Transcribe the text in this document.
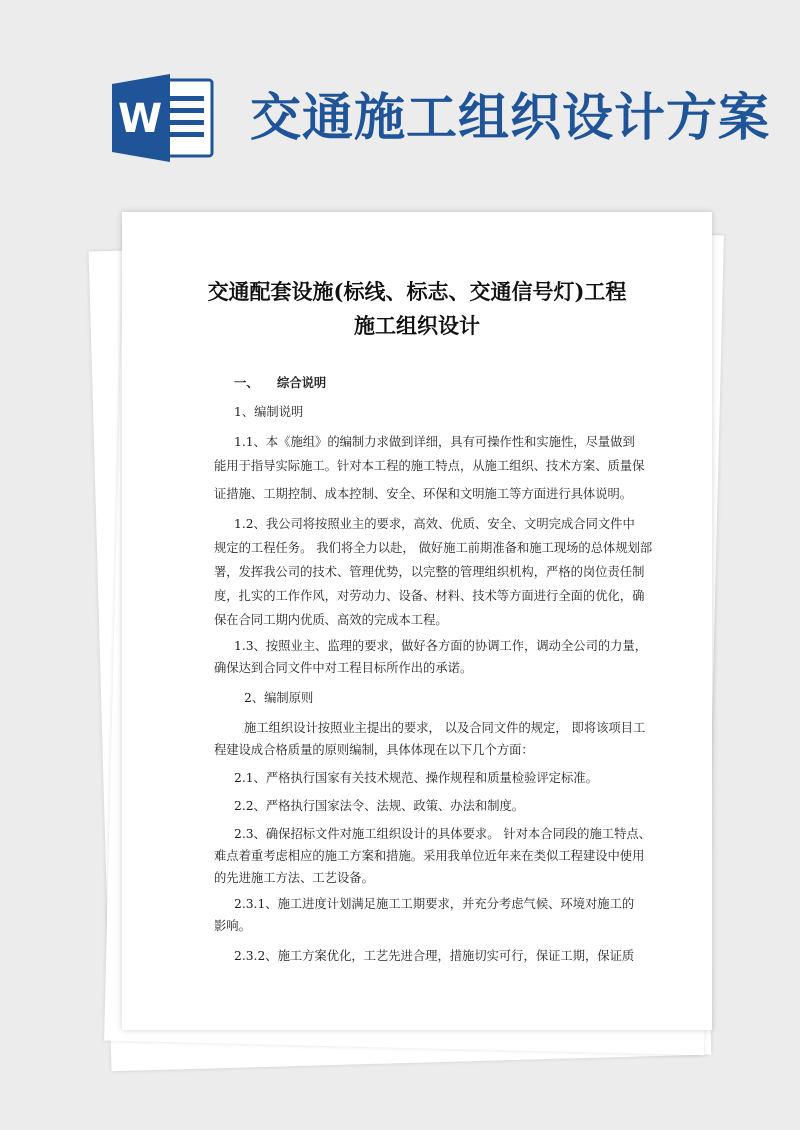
W 交通施工组织设计方案
交通配套设施(标线、标志、交通信号灯)工程
施工组织设计
一、　　综合说明
1、编制说明
1.1、本《施组》的编制力求做到详细，具有可操作性和实施性，尽量做到
能用于指导实际施工。针对本工程的施工特点，从施工组织、技术方案、质量保
证措施、工期控制、成本控制、安全、环保和文明施工等方面进行具体说明。
1.2、我公司将按照业主的要求，高效、优质、安全、文明完成合同文件中
规定的工程任务。 我们将全力以赴， 做好施工前期准备和施工现场的总体规划部
署，发挥我公司的技术、管理优势，以完整的管理组织机构，严格的岗位责任制
度，扎实的工作作风，对劳动力、设备、材料、技术等方面进行全面的优化，确
保在合同工期内优质、高效的完成本工程。
1.3、按照业主、监理的要求，做好各方面的协调工作，调动全公司的力量，
确保达到合同文件中对工程目标所作出的承诺。
2、编制原则
施工组织设计按照业主提出的要求， 以及合同文件的规定， 即将该项目工
程建设成合格质量的原则编制，具体体现在以下几个方面：
2.1、严格执行国家有关技术规范、操作规程和质量检验评定标准。
2.2、严格执行国家法令、法规、政策、办法和制度。
2.3、确保招标文件对施工组织设计的具体要求。 针对本合同段的施工特点、
难点着重考虑相应的施工方案和措施。采用我单位近年来在类似工程建设中使用
的先进施工方法、工艺设备。
2.3.1、施工进度计划满足施工工期要求，并充分考虑气候、环境对施工的
影响。
2.3.2、施工方案优化，工艺先进合理，措施切实可行，保证工期，保证质
